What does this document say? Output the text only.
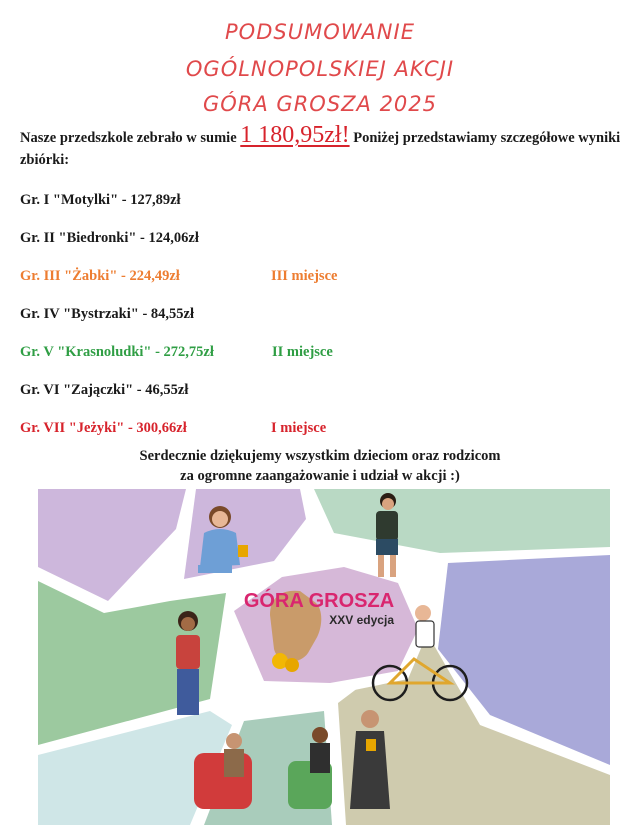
PODSUMOWANIE
OGÓLNOPOLSKIEJ AKCJI
GÓRA GROSZA 2025
Nasze przedszkole zebrało w sumie 1 180,95zł! Poniżej przedstawiamy szczegółowe wyniki zbiórki:
Gr. I "Motylki" - 127,89zł
Gr. II "Biedronki" - 124,06zł
Gr. III "Żabki" - 224,49zł	III miejsce
Gr. IV "Bystrzaki" - 84,55zł
Gr. V "Krasnoludki" - 272,75zł	II miejsce
Gr. VI "Zajączki" - 46,55zł
Gr. VII "Jeżyki" - 300,66zł	I miejsce
Serdecznie dziękujemy wszystkim dzieciom oraz rodzicom
za ogromne zaangażowanie i udział w akcji :)
GÓRA GROSZA
XXV edycja
